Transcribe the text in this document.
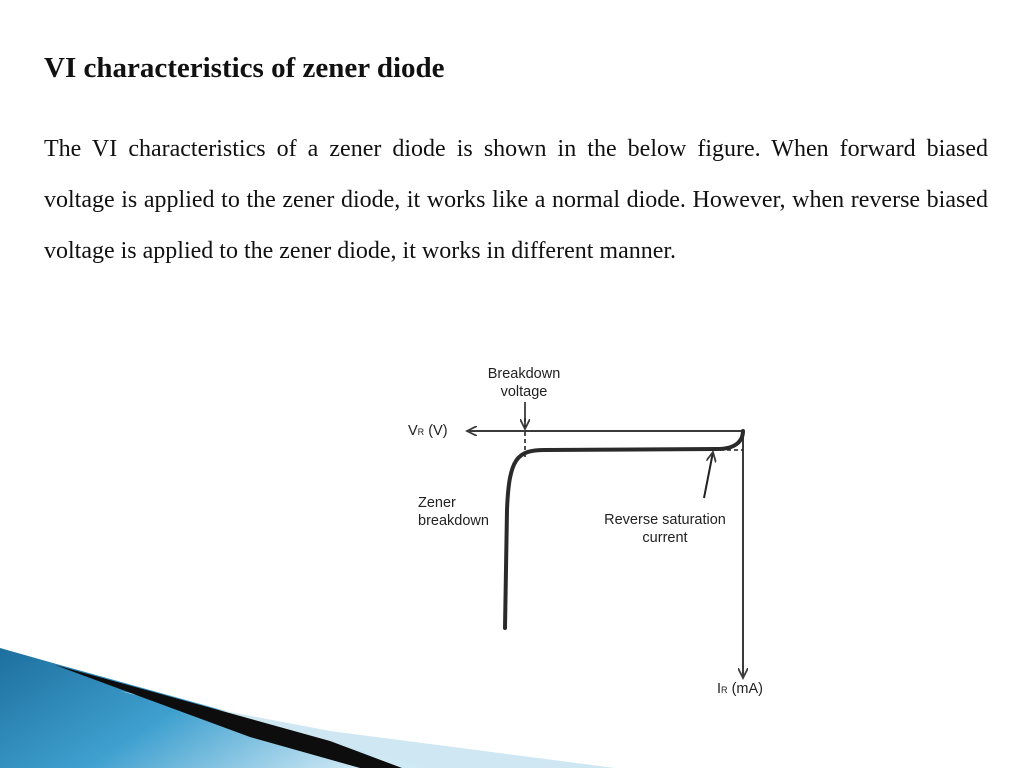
VI characteristics of zener diode

The VI characteristics of a zener diode is shown in the below figure. When forward biased voltage is applied to the zener diode, it works like a normal diode. However, when reverse biased voltage is applied to the zener diode, it works in different manner.

Breakdown
voltage
VR (V)
Zener
breakdown	Reverse saturation
current
IR (mA)
